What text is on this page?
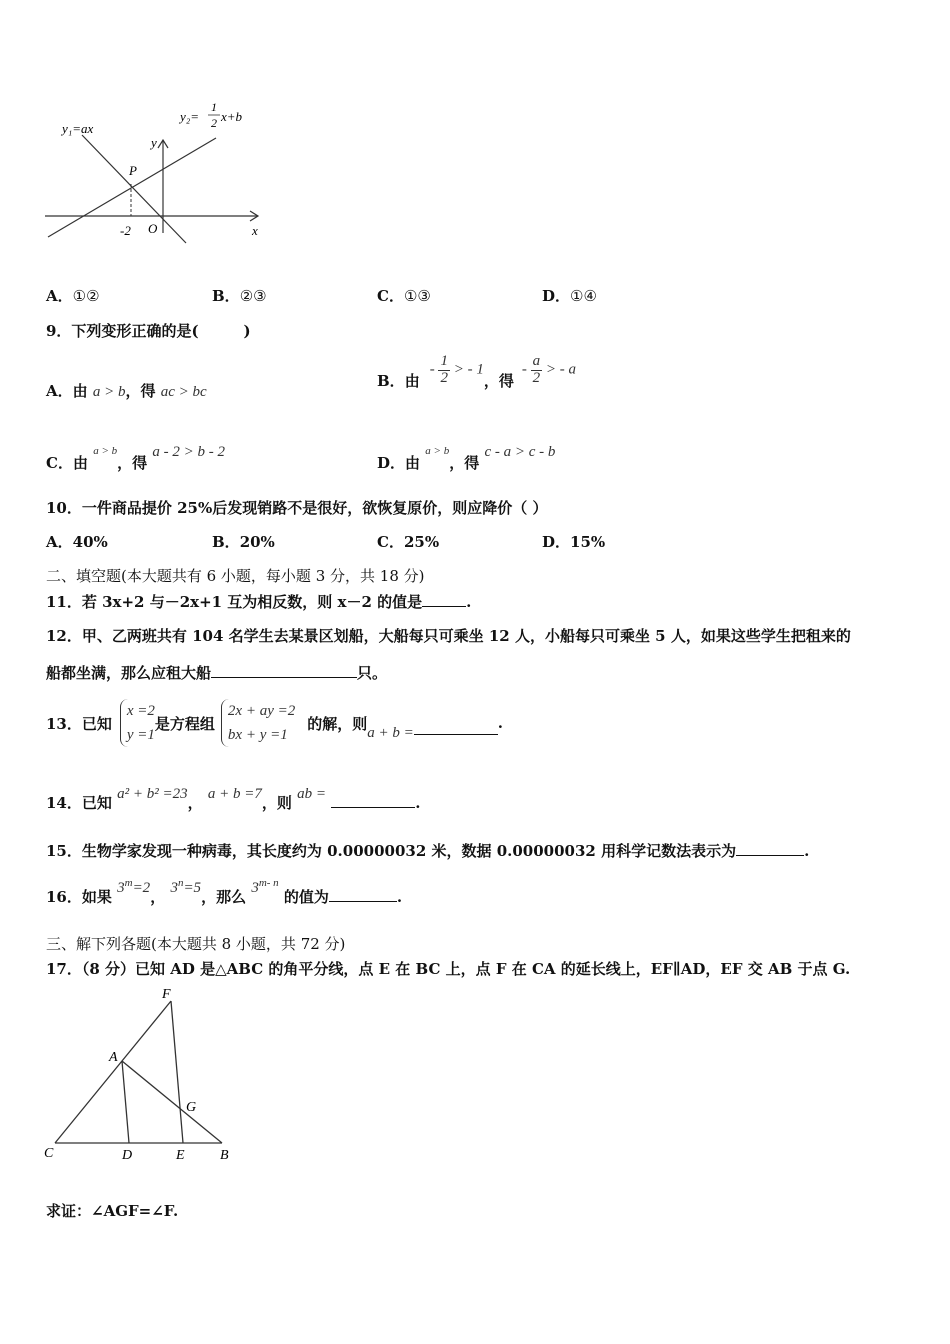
y₁=ax
y₂=
1
2 x+b
y
x
P
O
-2
A．①②	B．②③	C．①③	D．①④
9．下列变形正确的是(　　　)
A．由 a > b，得 ac > bc
B． 由
- $\frac{1}{2}$ > - 1
，得
- $\frac{a}{2}$ > - a
C．由 a > b，得 a - 2 > b - 2
D．由 a > b，得 c - a > c - b
10．一件商品提价 25%后发现销路不是很好，欲恢复原价，则应降价（ ）
A．40%	B．20%	C．25%	D．15%
二、填空题(本大题共有 6 小题，每小题 3 分，共 18 分)
11．若 3x+2 与－2x+1 互为相反数，则 x－2 的值是	.
12．甲、乙两班共有 104 名学生去某景区划船，大船每只可乘坐 12 人，小船每只可乘坐 5 人，如果这些学生把租来的
船都坐满，那么应租大船	只。
13．已知
x =2
y =1
是方程组
2x + ay =2
bx + y =1
的解，则 a + b =
.
14．已知 a² + b² =23， a + b =7，则 ab =	.
15．生物学家发现一种病毒，其长度约为 0.00000032 米，数据 0.00000032 用科学记数法表示为	.
16．如果 $3^m=2$， $3^n=5$，那么 3$^{m- n}$ 的值为	.
三、解下列各题(本大题共 8 小题，共 72 分)
17．（8 分）已知 AD 是△ABC 的角平分线，点 E 在 BC 上，点 F 在 CA 的延长线上，EF∥AD，EF 交 AB 于点 G.
F
A
G
C	D	E	B
求证：∠AGF=∠F.
